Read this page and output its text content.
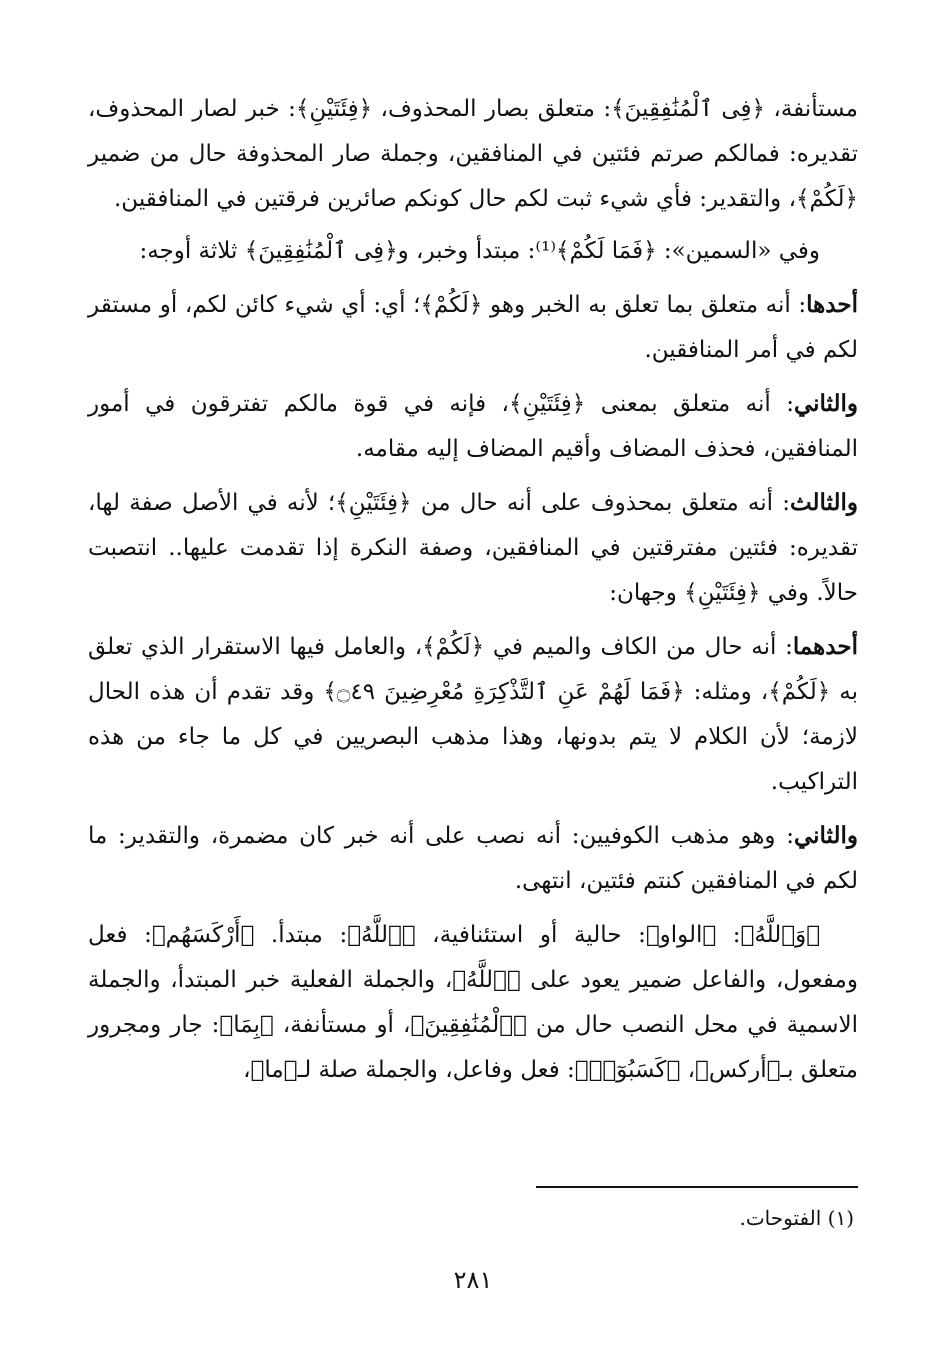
مستأنفة، ﴿فِى ٱلْمُنَٰفِقِينَ﴾: متعلق بصار المحذوف، ﴿فِئَتَيْنِ﴾: خبر لصار المحذوف، تقديره: فمالكم صرتم فئتين في المنافقين، وجملة صار المحذوفة حال من ضمير ﴿لَكُمْ﴾، والتقدير: فأي شيء ثبت لكم حال كونكم صائرين فرقتين في المنافقين.

وفي «السمين»: ﴿فَمَا لَكُمْ﴾⁽¹⁾: مبتدأ وخبر، و﴿فِى ٱلْمُنَٰفِقِينَ﴾ ثلاثة أوجه:

أحدها: أنه متعلق بما تعلق به الخبر وهو ﴿لَكُمْ﴾؛ أي: أي شيء كائن لكم، أو مستقر لكم في أمر المنافقين.

والثاني: أنه متعلق بمعنى ﴿فِئَتَيْنِ﴾، فإنه في قوة مالكم تفترقون في أمور المنافقين، فحذف المضاف وأقيم المضاف إليه مقامه.

والثالث: أنه متعلق بمحذوف على أنه حال من ﴿فِئَتَيْنِ﴾؛ لأنه في الأصل صفة لها، تقديره: فئتين مفترقتين في المنافقين، وصفة النكرة إذا تقدمت عليها.. انتصبت حالاً. وفي ﴿فِئَتَيْنِ﴾ وجهان:

أحدهما: أنه حال من الكاف والميم في ﴿لَكُمْ﴾، والعامل فيها الاستقرار الذي تعلق به ﴿لَكُمْ﴾، ومثله: ﴿فَمَا لَهُمْ عَنِ ٱلتَّذْكِرَةِ مُعْرِضِينَ ۝٤٩﴾ وقد تقدم أن هذه الحال لازمة؛ لأن الكلام لا يتم بدونها، وهذا مذهب البصريين في كل ما جاء من هذه التراكيب.

والثاني: وهو مذهب الكوفيين: أنه نصب على أنه خبر كان مضمرة، والتقدير: ما لكم في المنافقين كنتم فئتين، انتهى.

﴿وَٱللَّهُ﴾: ﴿الواو﴾: حالية أو استئنافية، ﴿ٱللَّهُ﴾: مبتدأ. ﴿أَرْكَسَهُم﴾: فعل ومفعول، والفاعل ضمير يعود على ﴿ٱللَّهُ﴾، والجملة الفعلية خبر المبتدأ، والجملة الاسمية في محل النصب حال من ﴿ٱلْمُنَٰفِقِينَ﴾، أو مستأنفة، ﴿بِمَا﴾: جار ومجرور متعلق بـ﴿أركس﴾، ﴿كَسَبُوٓا۟﴾: فعل وفاعل، والجملة صلة لـ﴿ما﴾،

(١) الفتوحات.
٢٨١
